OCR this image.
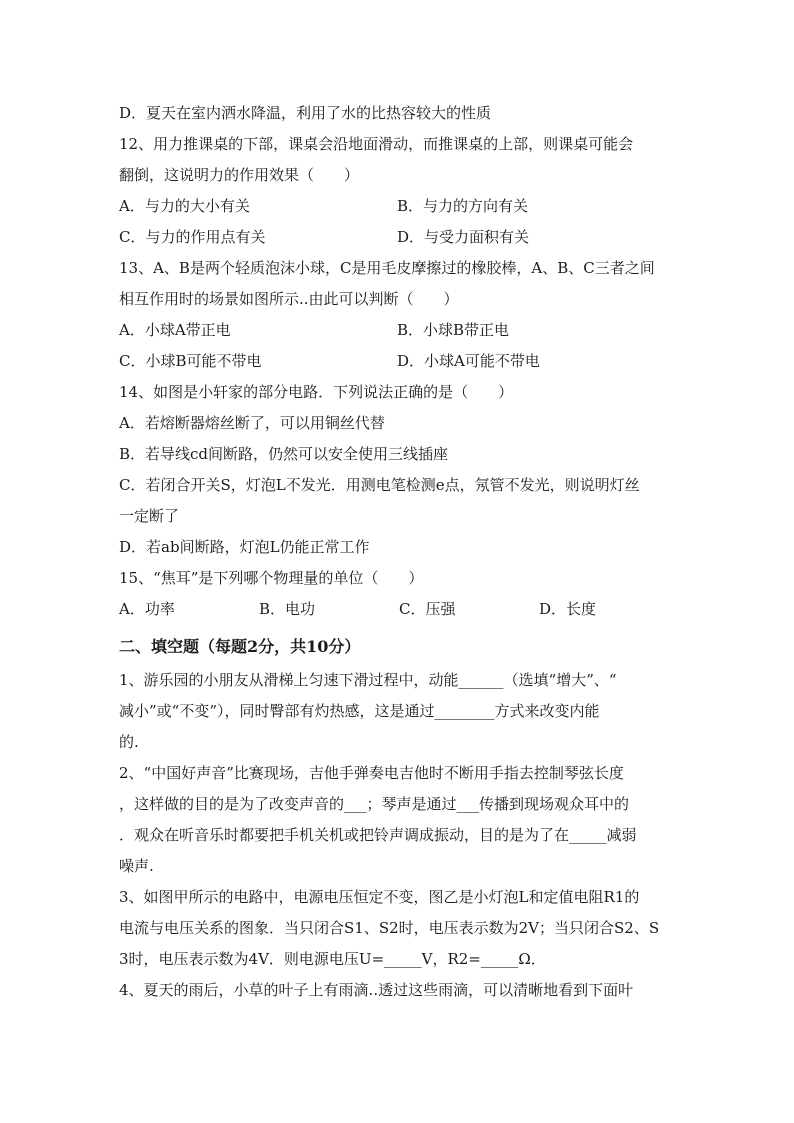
D．夏天在室内洒水降温，利用了水的比热容较大的性质
12、用力推课桌的下部，课桌会沿地面滑动，而推课桌的上部，则课桌可能会
翻倒，这说明力的作用效果（　　）
A．与力的大小有关	B．与力的方向有关
C．与力的作用点有关	D．与受力面积有关
13、A、B是两个轻质泡沫小球，C是用毛皮摩擦过的橡胶棒，A、B、C三者之间
相互作用时的场景如图所示..由此可以判断（　　）
A．小球A带正电	B．小球B带正电
C．小球B可能不带电	D．小球A可能不带电
14、如图是小轩家的部分电路．下列说法正确的是（　　）
A．若熔断器熔丝断了，可以用铜丝代替
B．若导线cd间断路，仍然可以安全使用三线插座
C．若闭合开关S，灯泡L不发光．用测电笔检测e点，氖管不发光，则说明灯丝
一定断了
D．若ab间断路，灯泡L仍能正常工作
15、“焦耳”是下列哪个物理量的单位（　　）
A．功率	B．电功	C．压强	D．长度
二、填空题（每题2分，共10分）
1、游乐园的小朋友从滑梯上匀速下滑过程中，动能______（选填“增大”、“
减小”或“不变”），同时臀部有灼热感，这是通过________方式来改变内能
的.
2、“中国好声音”比赛现场，吉他手弹奏电吉他时不断用手指去控制琴弦长度
，这样做的目的是为了改变声音的___；琴声是通过___传播到现场观众耳中的
．观众在听音乐时都要把手机关机或把铃声调成振动，目的是为了在_____减弱
噪声.
3、如图甲所示的电路中，电源电压恒定不变，图乙是小灯泡L和定值电阻R1的
电流与电压关系的图象．当只闭合S1、S2时，电压表示数为2V；当只闭合S2、S
3时，电压表示数为4V．则电源电压U=_____V，R2=_____Ω．
4、夏天的雨后，小草的叶子上有雨滴..透过这些雨滴，可以清晰地看到下面叶
